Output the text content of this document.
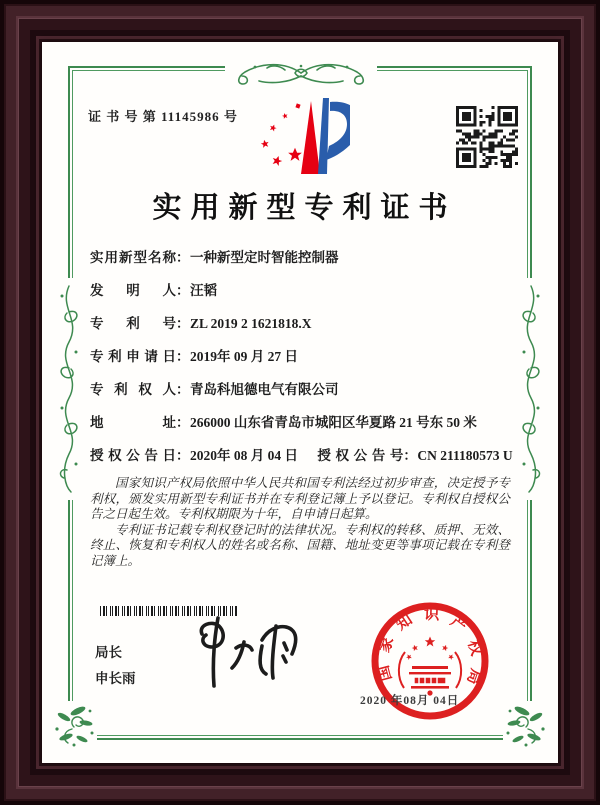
证 书 号 第 11145986 号
实用新型专利证书
实用新型名称：一种新型定时智能控制器
发明人：汪韬
专利号：ZL 2019 2 1621818.X
专利申请日：2019年 09 月 27 日
专利权人：青岛科旭德电气有限公司
地址：266000 山东省青岛市城阳区华夏路 21 号东 50 米
授权公告日：2020年 08 月 04 日 授权公告号：CN 211180573 U

国家知识产权局依照中华人民共和国专利法经过初步审查，决定授予专利权，颁发实用新型专利证书并在专利登记簿上予以登记。专利权自授权公告之日起生效。专利权期限为十年，自申请日起算。

专利证书记载专利权登记时的法律状况。专利权的转移、质押、无效、终止、恢复和专利权人的姓名或名称、国籍、地址变更等事项记载在专利登记簿上。

局长
申长雨	国家知识产权局
2020 年08月 04日
